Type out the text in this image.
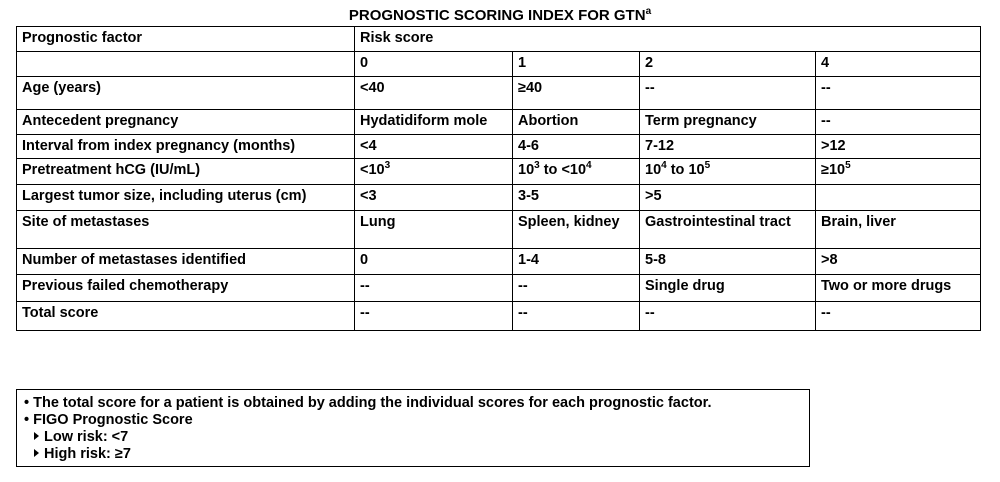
PROGNOSTIC SCORING INDEX FOR GTN$^a$
Prognostic factor	Risk score			
	0	1	2	4
Age (years)	<40	≥40	--	--
Antecedent pregnancy	Hydatidiform mole	Abortion	Term pregnancy	--
Interval from index pregnancy (months)	<4	4-6	7-12	>12
Pretreatment hCG (IU/mL)	$<10^3$	$10^3$ to $<10^4$	$10^4$ to $10^5$	$\ge 10^5$
Largest tumor size, including uterus (cm)	<3	3-5	>5	
Site of metastases	Lung	Spleen, kidney	Gastrointestinal tract	Brain, liver
Number of metastases identified	0	1-4	5-8	>8
Previous failed chemotherapy	--	--	Single drug	Two or more drugs
Total score	--	--	--	--
• The total score for a patient is obtained by adding the individual scores for each prognostic factor.
• FIGO Prognostic Score
Low risk: <7
High risk: ≥7
